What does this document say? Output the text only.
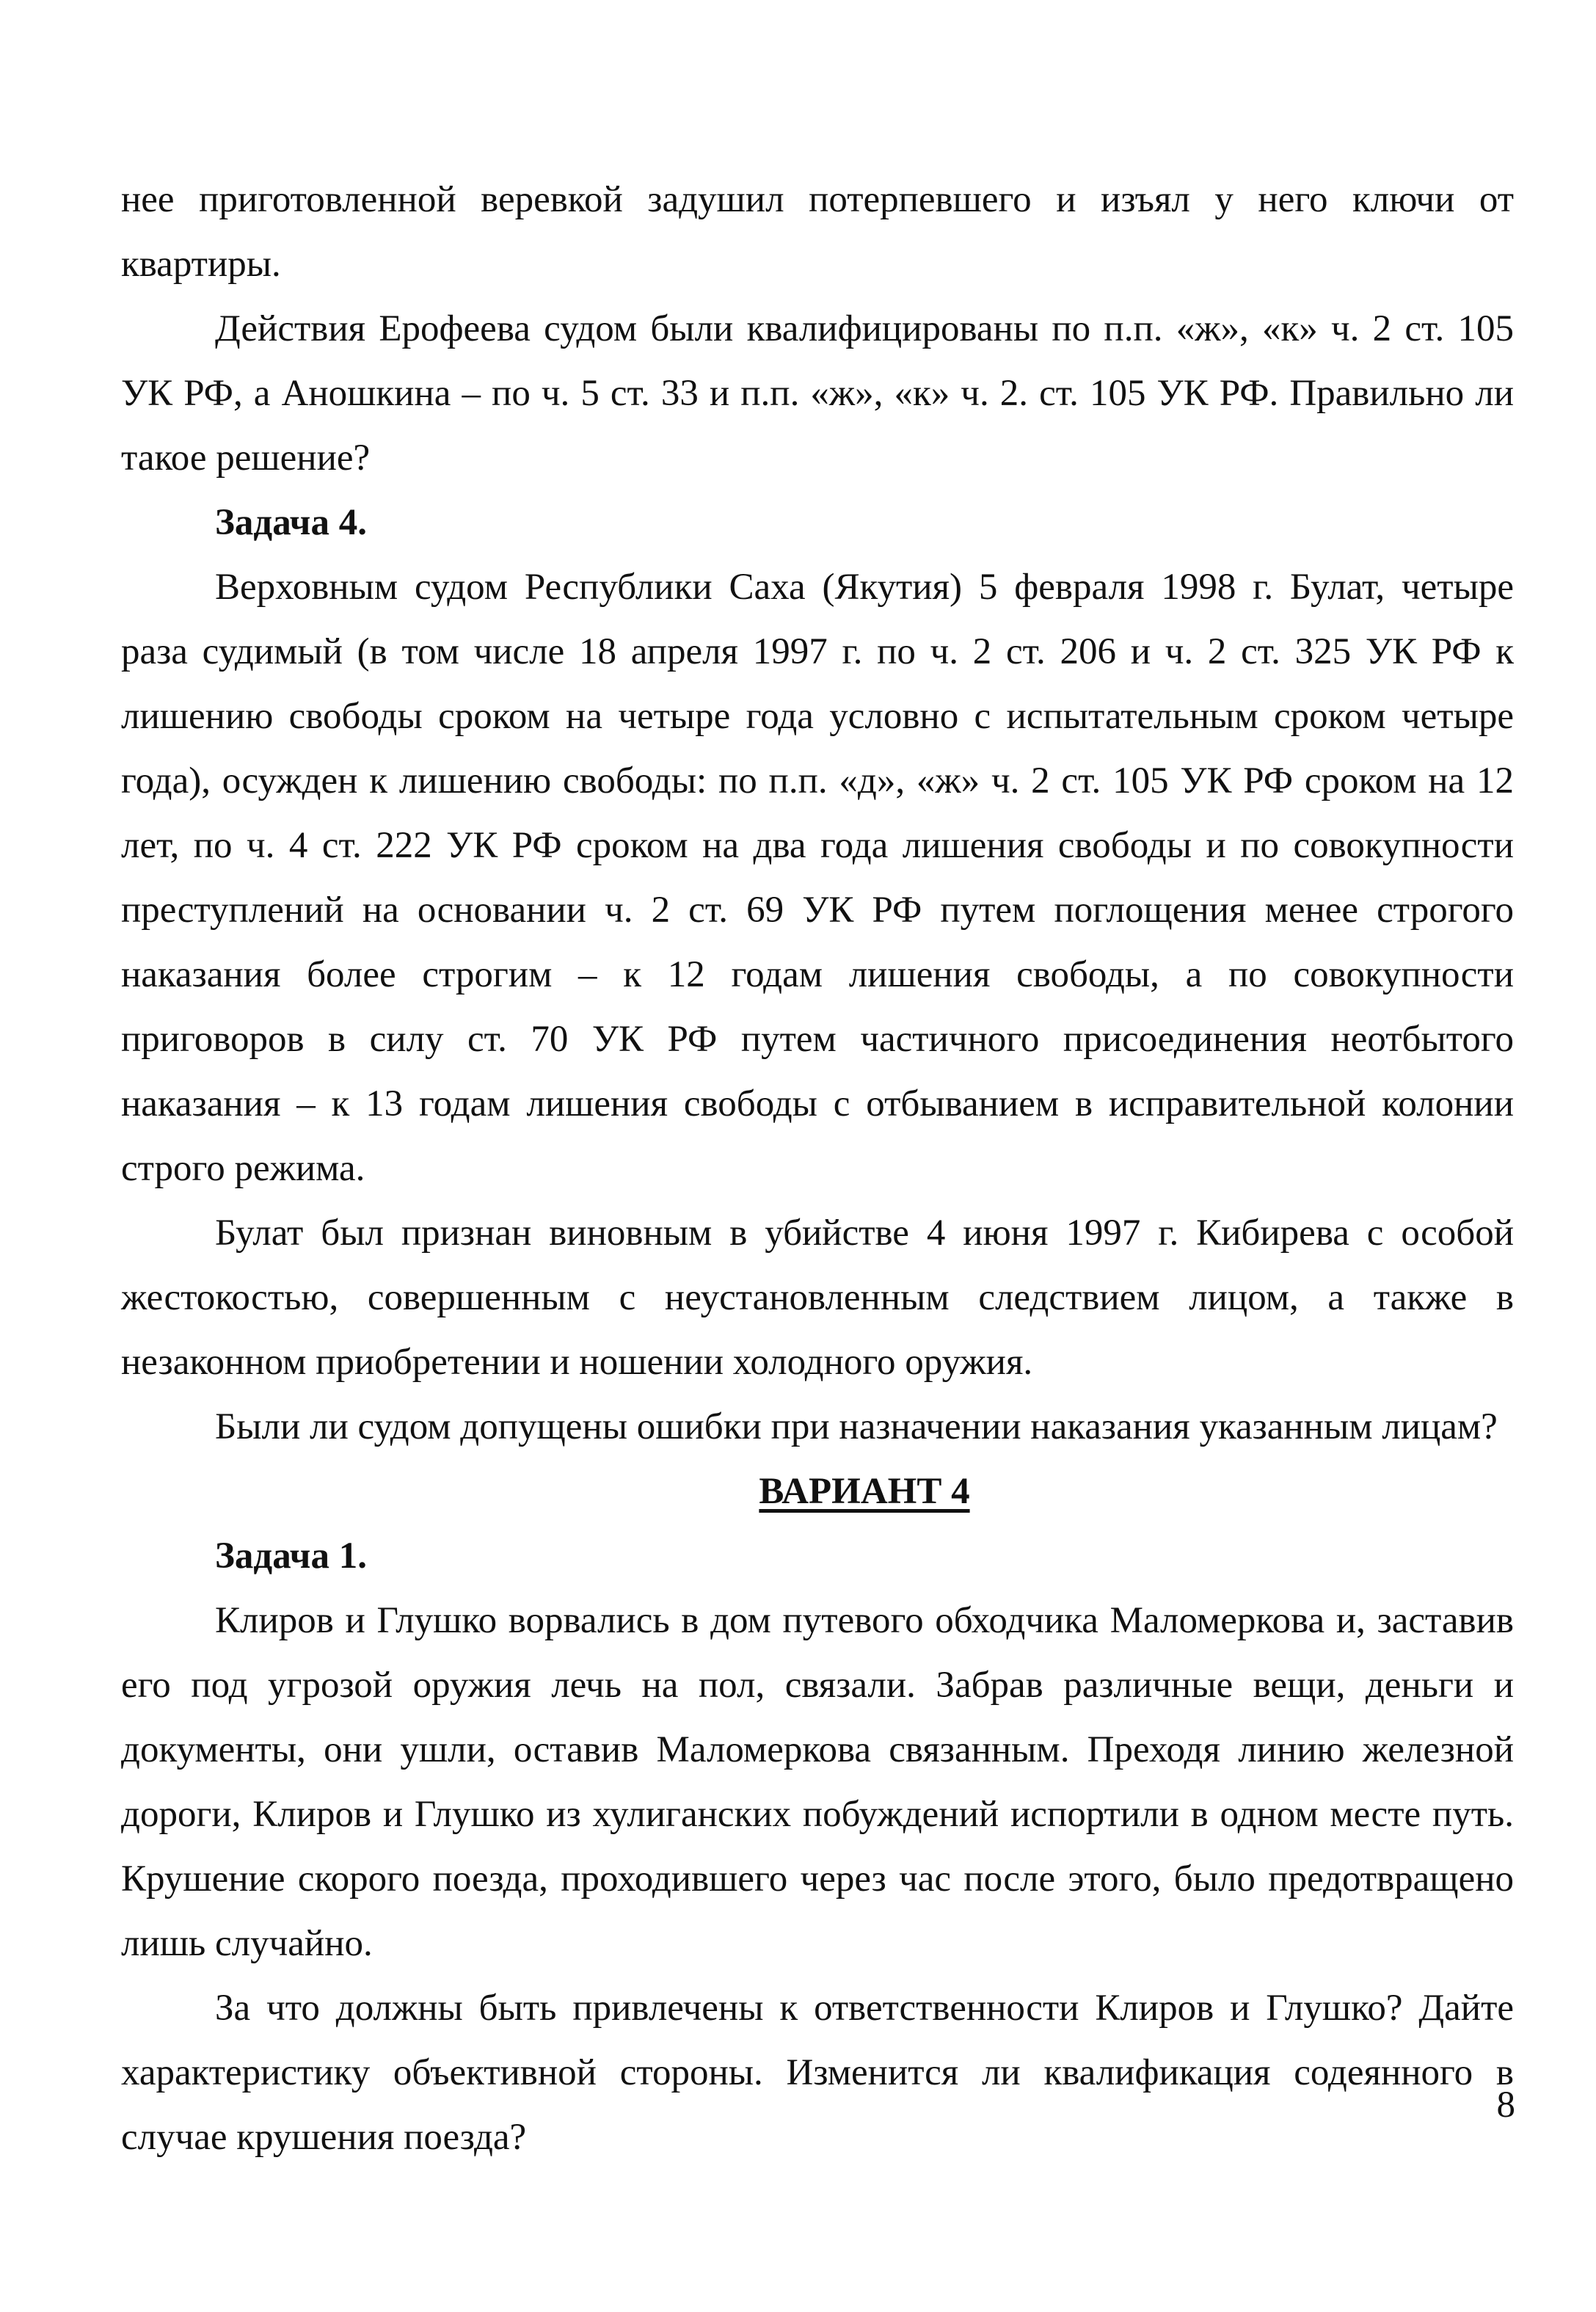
нее приготовленной веревкой задушил потерпевшего и изъял у него ключи от квартиры.

Действия Ерофеева судом были квалифицированы по п.п. «ж», «к» ч. 2 ст. 105 УК РФ, а Аношкина – по ч. 5 ст. 33 и п.п. «ж», «к» ч. 2. ст. 105 УК РФ. Правильно ли такое решение?

Задача 4.

Верховным судом Республики Саха (Якутия) 5 февраля 1998 г. Булат, четыре раза судимый (в том числе 18 апреля 1997 г. по ч. 2 ст. 206 и ч. 2 ст. 325 УК РФ к лишению свободы сроком на четыре года условно с испытательным сроком четыре года), осужден к лишению свободы: по п.п. «д», «ж» ч. 2 ст. 105 УК РФ сроком на 12 лет, по ч. 4 ст. 222 УК РФ сроком на два года лишения свободы и по совокупности преступлений на основании ч. 2 ст. 69 УК РФ путем поглощения менее строгого наказания более строгим – к 12 годам лишения свободы, а по совокупности приговоров в силу ст. 70 УК РФ путем частичного присоединения неотбытого наказания – к 13 годам лишения свободы с отбыванием в исправительной колонии строго режима.

Булат был признан виновным в убийстве 4 июня 1997 г. Кибирева с особой жестокостью, совершенным с неустановленным следствием лицом, а также в незаконном приобретении и ношении холодного оружия.

Были ли судом допущены ошибки при назначении наказания указанным лицам?

ВАРИАНТ 4

Задача 1.

Клиров и Глушко ворвались в дом путевого обходчика Маломеркова и, заставив его под угрозой оружия лечь на пол, связали. Забрав различные вещи, деньги и документы, они ушли, оставив Маломеркова связанным. Преходя линию железной дороги, Клиров и Глушко из хулиганских побуждений испортили в одном месте путь. Крушение скорого поезда, проходившего через час после этого, было предотвращено лишь случайно.

За что должны быть привлечены к ответственности Клиров и Глушко? Дайте характеристику объективной стороны. Изменится ли квалификация содеянного в случае крушения поезда?

8
